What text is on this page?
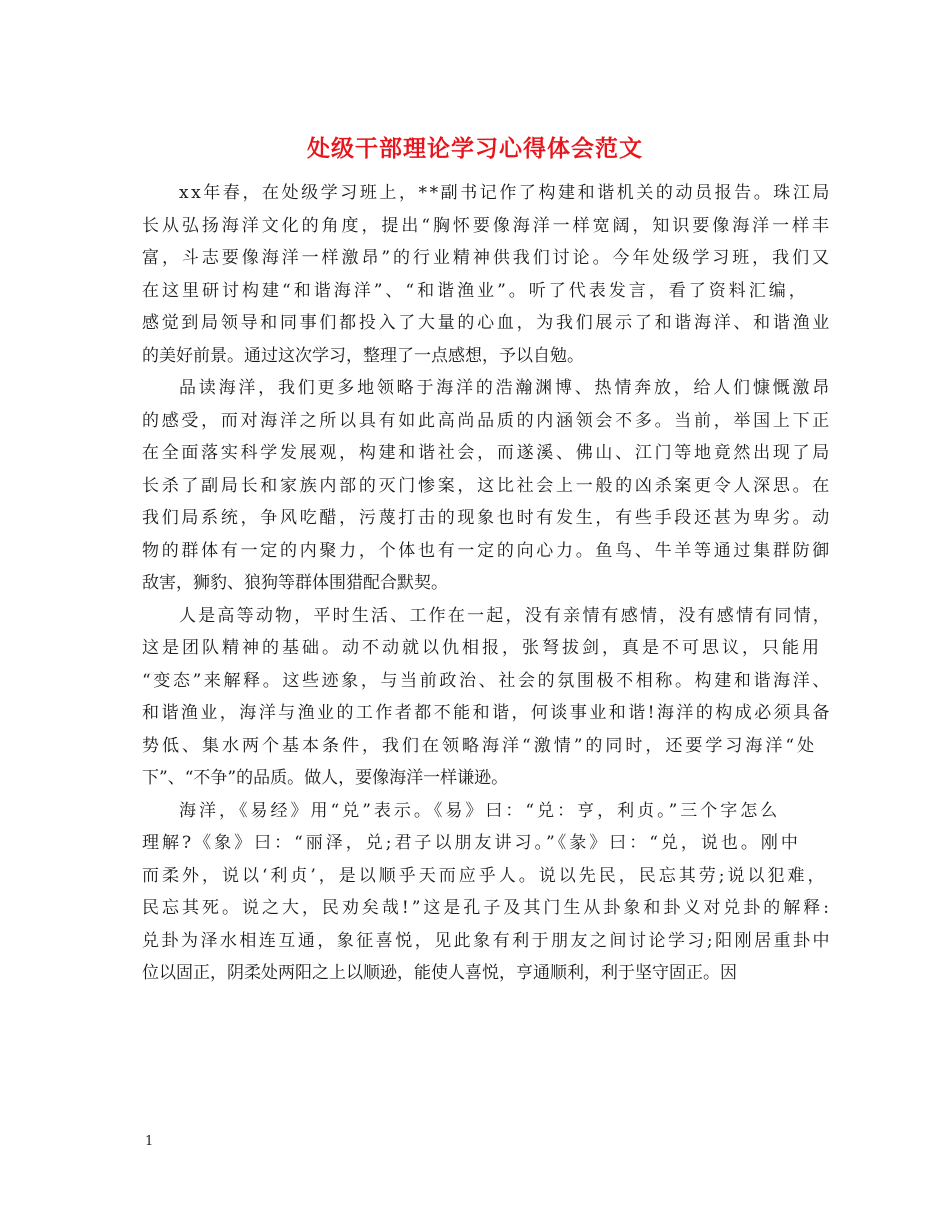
处级干部理论学习心得体会范文
xx年春，在处级学习班上，**副书记作了构建和谐机关的动员报告。珠江局
长从弘扬海洋文化的角度，提出“胸怀要像海洋一样宽阔，知识要像海洋一样丰
富，斗志要像海洋一样激昂”的行业精神供我们讨论。今年处级学习班，我们又
在这里研讨构建“和谐海洋”、“和谐渔业”。听了代表发言，看了资料汇编，
感觉到局领导和同事们都投入了大量的心血，为我们展示了和谐海洋、和谐渔业
的美好前景。通过这次学习，整理了一点感想，予以自勉。
品读海洋，我们更多地领略于海洋的浩瀚渊博、热情奔放，给人们慷慨激昂
的感受，而对海洋之所以具有如此高尚品质的内涵领会不多。当前，举国上下正
在全面落实科学发展观，构建和谐社会，而遂溪、佛山、江门等地竟然出现了局
长杀了副局长和家族内部的灭门惨案，这比社会上一般的凶杀案更令人深思。在
我们局系统，争风吃醋，污蔑打击的现象也时有发生，有些手段还甚为卑劣。动
物的群体有一定的内聚力，个体也有一定的向心力。鱼鸟、牛羊等通过集群防御
敌害，狮豹、狼狗等群体围猎配合默契。
人是高等动物，平时生活、工作在一起，没有亲情有感情，没有感情有同情，
这是团队精神的基础。动不动就以仇相报，张弩拔剑，真是不可思议，只能用
“变态”来解释。这些迹象，与当前政治、社会的氛围极不相称。构建和谐海洋、
和谐渔业，海洋与渔业的工作者都不能和谐，何谈事业和谐!海洋的构成必须具备
势低、集水两个基本条件，我们在领略海洋“激情”的同时，还要学习海洋“处
下”、“不争”的品质。做人，要像海洋一样谦逊。
海洋，《易经》用“兑”表示。《易》曰：“兑：亨，利贞。”三个字怎么
理解?《象》曰：“丽泽，兑;君子以朋友讲习。”《彖》曰：“兑，说也。刚中
而柔外，说以‘利贞’，是以顺乎天而应乎人。说以先民，民忘其劳;说以犯难，
民忘其死。说之大，民劝矣哉!”这是孔子及其门生从卦象和卦义对兑卦的解释:
兑卦为泽水相连互通，象征喜悦，见此象有利于朋友之间讨论学习;阳刚居重卦中
位以固正，阴柔处两阳之上以顺逊，能使人喜悦，亨通顺利，利于坚守固正。因
1
